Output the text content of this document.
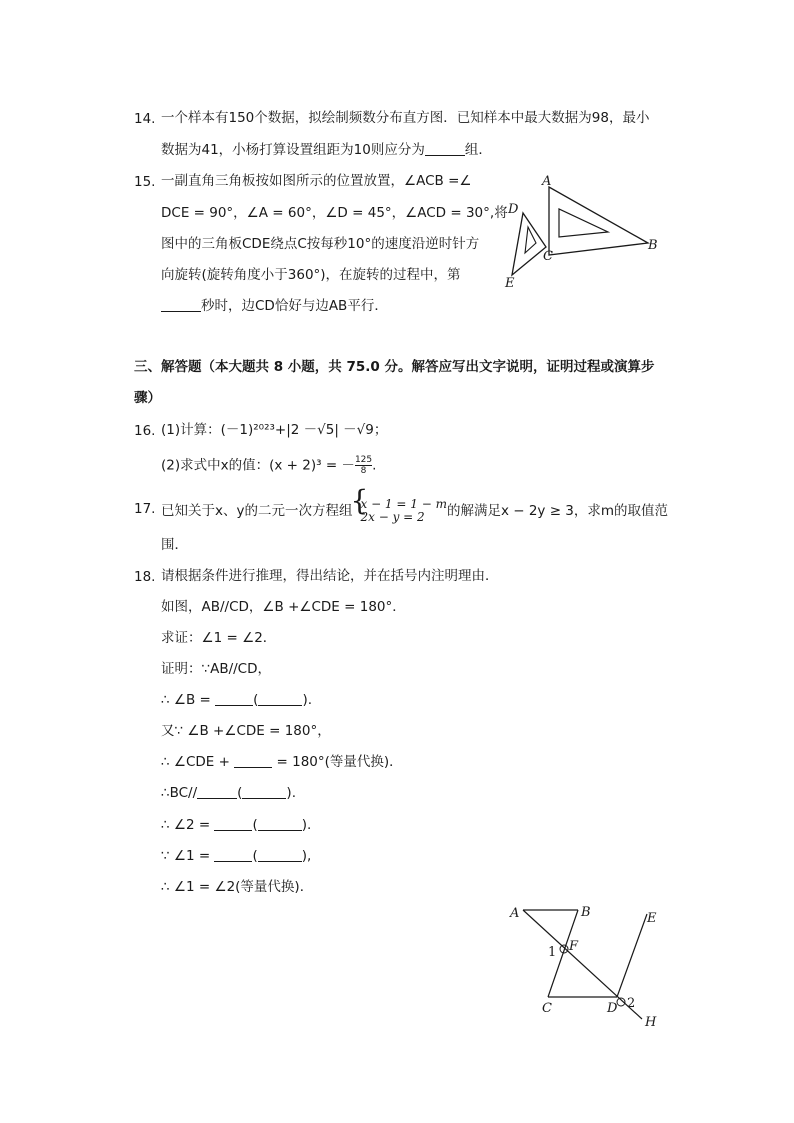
14. 一个样本有150个数据，拟绘制频数分布直方图．已知样本中最大数据为98，最小
数据为41，小杨打算设置组距为10则应分为	组．
15. 一副直角三角板按如图所示的位置放置，∠ACB =∠
DCE = 90°，∠A = 60°，∠D = 45°，∠ACD = 30°,将
图中的三角板CDE绕点C按每秒10°的速度沿逆时针方
向旋转(旋转角度小于360°)，在旋转的过程中，第
秒时，边CD恰好与边AB平行．
A
B
C
D
E
三、解答题（本大题共 8 小题，共 75.0 分。解答应写出文字说明，证明过程或演算步
骤）
16. (1)计算：(－1)²⁰²³+|2 －√5| －√9；
(2)求式中x的值：(x + 2)³ = － $\frac{125}{8}$ .
17. 已知关于x、y的二元一次方程组
{ x − 1 = 1 − m
2x − y = 2	的解满足x − 2y ≥ 3，求m的取值范
围．
18. 请根据条件进行推理，得出结论，并在括号内注明理由．
如图，AB//CD，∠B +∠CDE = 180°．
求证：∠1 = ∠2．
证明：∵AB//CD，
∴ ∠B =	(	).
又∵ ∠B +∠CDE = 180°，
∴ ∠CDE +	= 180°(等量代换)．
∴BC//	(	).
∴ ∠2 =	(	).
∵ ∠1 =	(	),
∴ ∠1 = ∠2(等量代换)．
A	B
C	D
E
F
H
1
2
